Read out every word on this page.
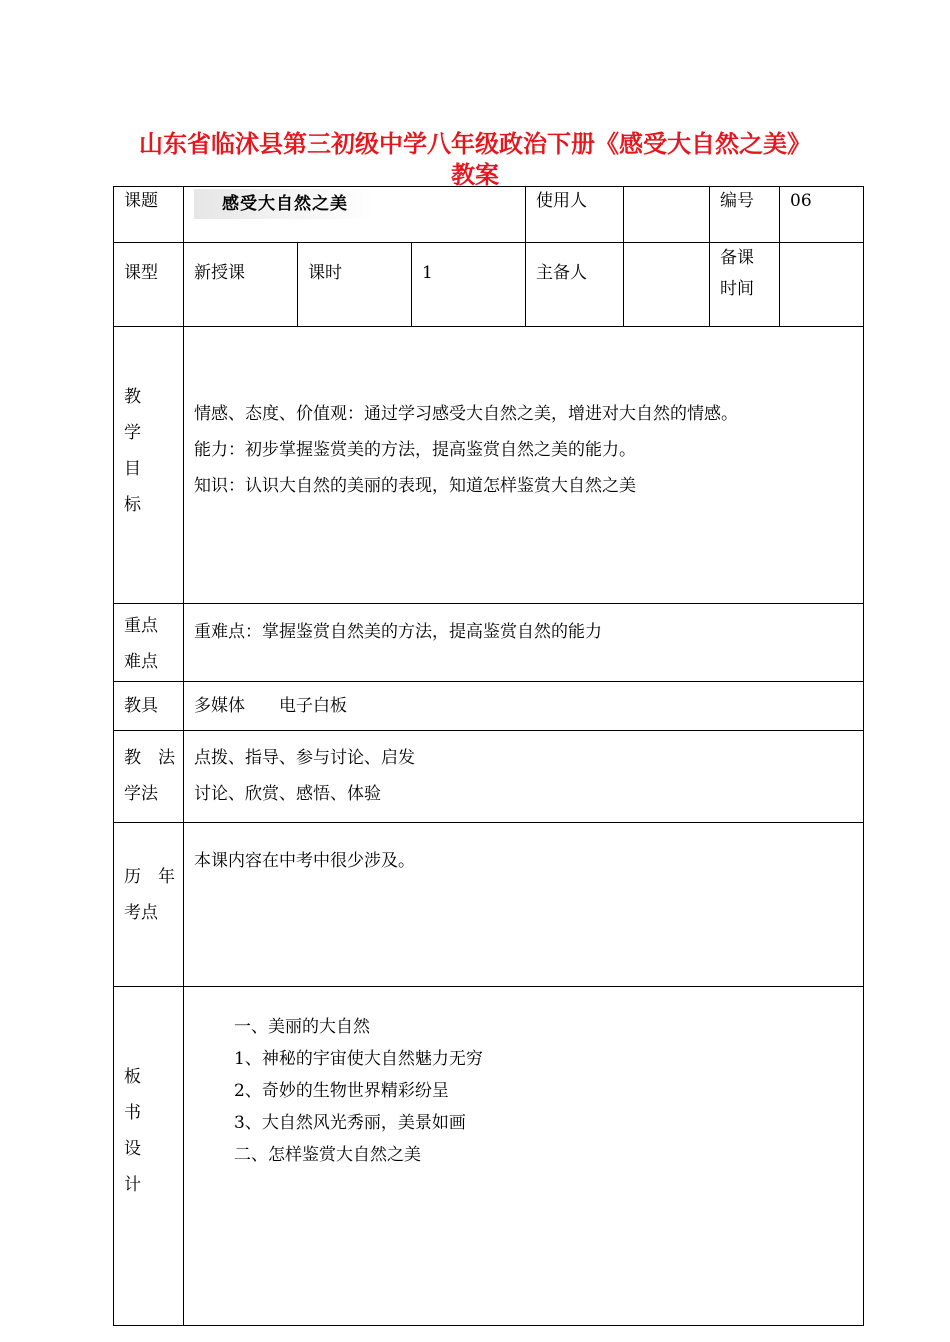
山东省临沭县第三初级中学八年级政治下册《感受大自然之美》
教案
课题	感受大自然之美			使用人		编号	06
课型	新授课	课时	1	主备人		备课
时间	

教
学
目
标	情感、态度、价值观：通过学习感受大自然之美，增进对大自然的情感。
能力：初步掌握鉴赏美的方法，提高鉴赏自然之美的能力。
知识：认识大自然的美丽的表现，知道怎样鉴赏大自然之美						

重点
难点	重难点：掌握鉴赏自然美的方法，提高鉴赏自然的能力						
教具	多媒体　　电子白板						

教　法
学法	点拨、指导、参与讨论、启发
讨论、欣赏、感悟、体验						

历　年
考点	本课内容在中考中很少涉及。						

板
书
设
计	一、美丽的大自然
1、神秘的宇宙使大自然魅力无穷
2、奇妙的生物世界精彩纷呈
3、大自然风光秀丽，美景如画
二、怎样鉴赏大自然之美						
